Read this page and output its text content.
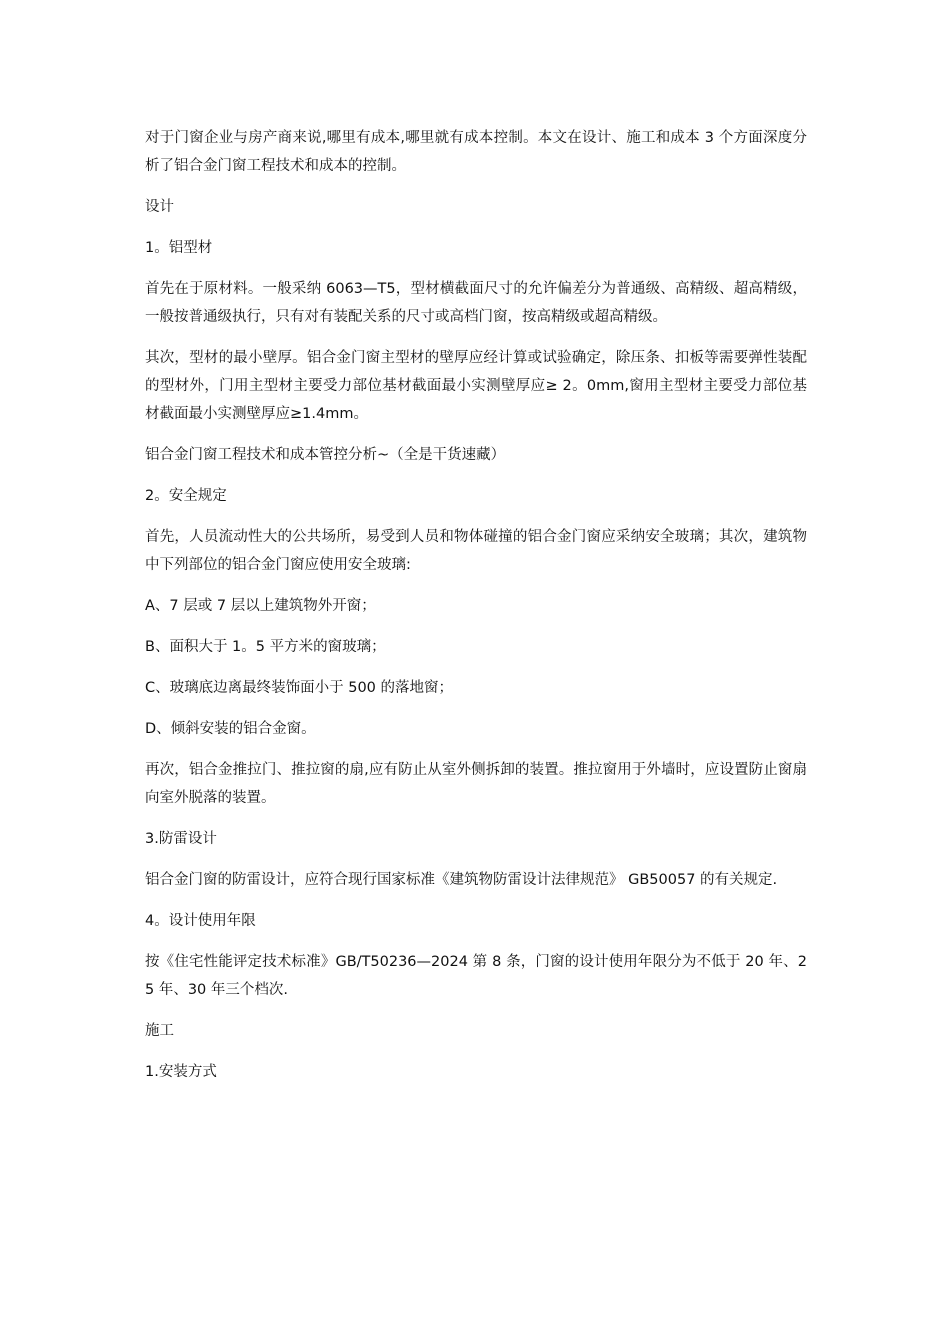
对于门窗企业与房产商来说,哪里有成本,哪里就有成本控制。本文在设计、施工和成本 3 个方面深度分析了铝合金门窗工程技术和成本的控制。

设计

1。铝型材

首先在于原材料。一般采纳 6063—T5，型材横截面尺寸的允许偏差分为普通级、高精级、超高精级，一般按普通级执行，只有对有装配关系的尺寸或高档门窗，按高精级或超高精级。

其次，型材的最小壁厚。铝合金门窗主型材的壁厚应经计算或试验确定，除压条、扣板等需要弹性装配的型材外，门用主型材主要受力部位基材截面最小实测壁厚应≥ 2。0mm,窗用主型材主要受力部位基材截面最小实测壁厚应≥1.4mm。

铝合金门窗工程技术和成本管控分析~（全是干货速藏）

2。安全规定

首先，人员流动性大的公共场所，易受到人员和物体碰撞的铝合金门窗应采纳安全玻璃；其次，建筑物中下列部位的铝合金门窗应使用安全玻璃:

A、7 层或 7 层以上建筑物外开窗；

B、面积大于 1。5 平方米的窗玻璃；

C、玻璃底边离最终装饰面小于 500 的落地窗；

D、倾斜安装的铝合金窗。

再次，铝合金推拉门、推拉窗的扇,应有防止从室外侧拆卸的装置。推拉窗用于外墙时，应设置防止窗扇向室外脱落的装置。

3.防雷设计

铝合金门窗的防雷设计，应符合现行国家标准《建筑物防雷设计法律规范》 GB50057 的有关规定.

4。设计使用年限

按《住宅性能评定技术标准》GB/T50236—2024 第 8 条，门窗的设计使用年限分为不低于 20 年、25 年、30 年三个档次.

施工

1.安装方式
